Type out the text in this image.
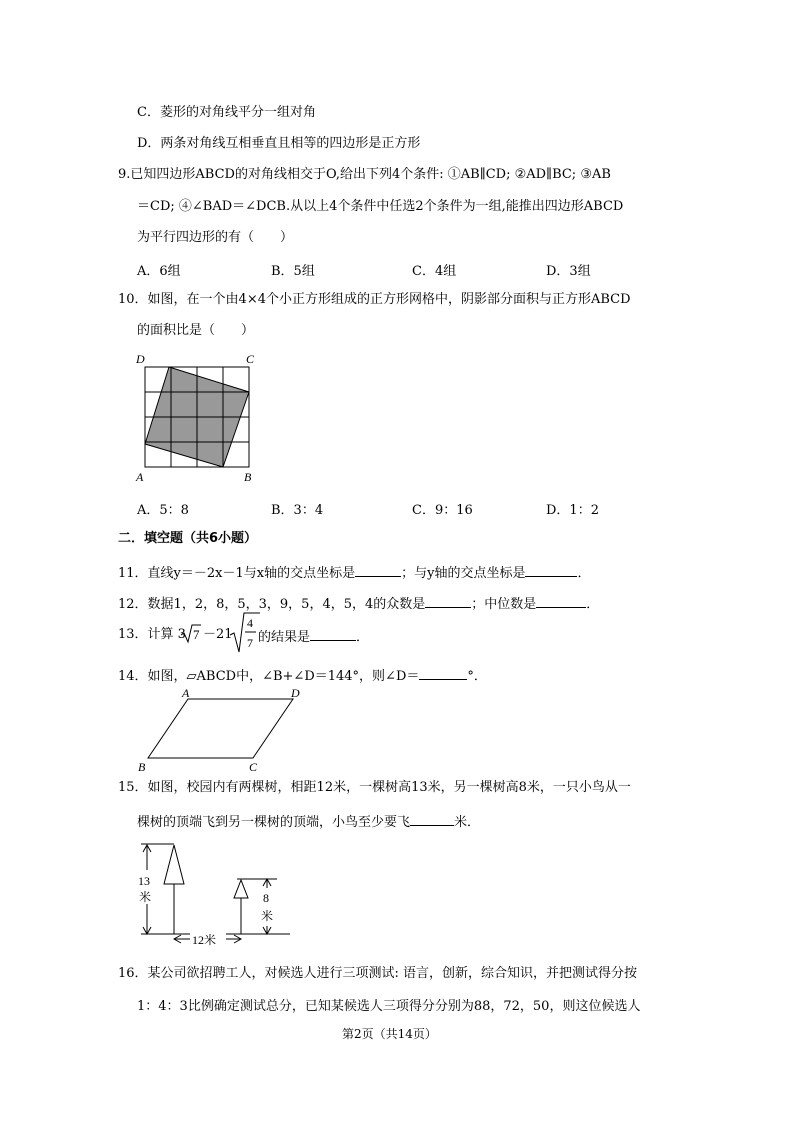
C．菱形的对角线平分一组对角
D．两条对角线互相垂直且相等的四边形是正方形
9.已知四边形ABCD的对角线相交于O,给出下列4个条件: ①AB∥CD; ②AD∥BC; ③AB
＝CD; ④∠BAD＝∠DCB.从以上4个条件中任选2个条件为一组,能推出四边形ABCD
为平行四边形的有（　　）
A．6组	B．5组	C．4组	D．3组
10．如图，在一个由4×4个小正方形组成的正方形网格中，阴影部分面积与正方形ABCD
的面积比是（　　）
D	C
A	B
A．5：8	B．3：4	C．9：16	D．1：2
二．填空题（共6小题）
11．直线y＝－2x－1与x轴的交点坐标是	；与y轴的交点坐标是	．
12．数据1，2，8，5，3，9，5，4，5，4的众数是	；中位数是	．
13．计算 3 7 －21
4
7 的结果是	．
14．如图，▱ABCD中，∠B+∠D＝144°，则∠D＝	°．
A	D
B	C
15．如图，校园内有两棵树，相距12米，一棵树高13米，另一棵树高8米，一只小鸟从一
棵树的顶端飞到另一棵树的顶端，小鸟至少要飞	米．
13
米	8
米
12米
16．某公司欲招聘工人，对候选人进行三项测试: 语言，创新，综合知识，并把测试得分按
1：4：3比例确定测试总分，已知某候选人三项得分分别为88，72，50，则这位候选人
第2页（共14页）
